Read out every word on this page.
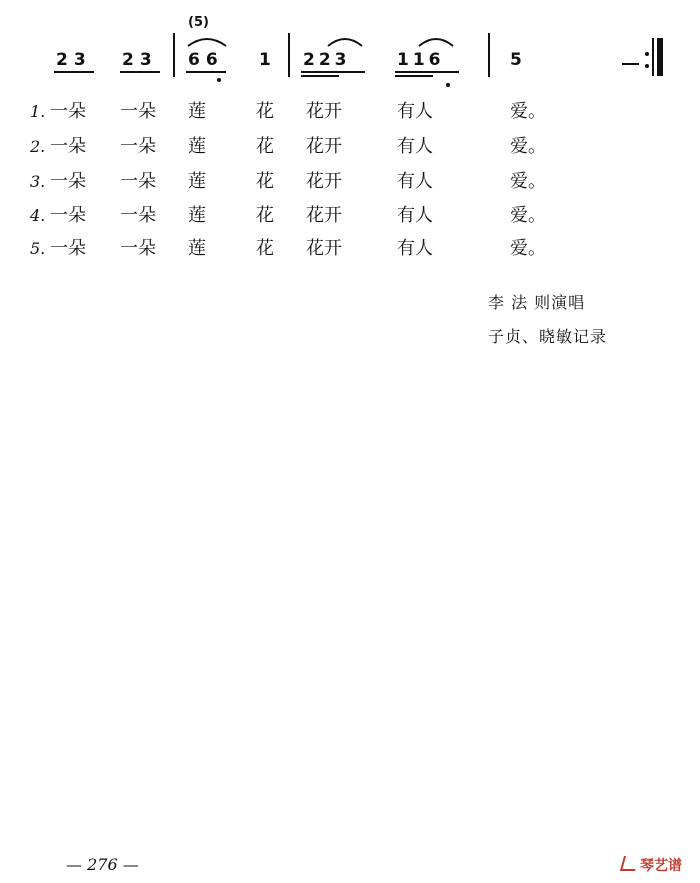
23 23
(5)
66 1 223	116	5
1. 一朵 一朵 莲	花 花开	有人	爱。
2. 一朵 一朵 莲	花 花开	有人	爱。
3. 一朵 一朵 莲	花 花开	有人	爱。
4. 一朵 一朵 莲	花 花开	有人	爱。
5. 一朵 一朵 莲	花 花开	有人	爱。
李 法 则演唱
子贞、晓敏记录
— 276 —	琴艺谱
